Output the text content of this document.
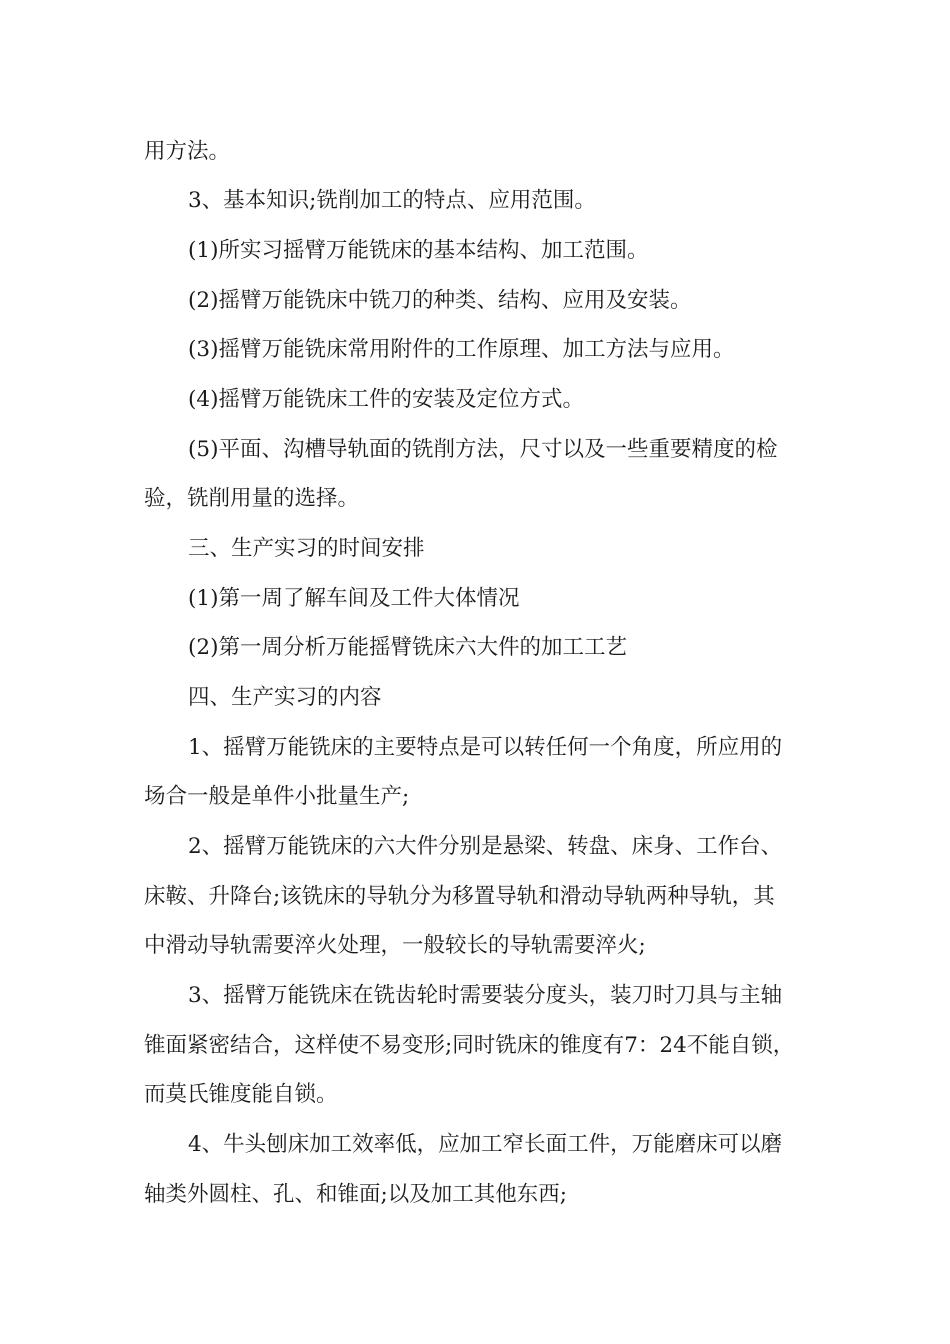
用方法。
3、基本知识;铣削加工的特点、应用范围。
(1)所实习摇臂万能铣床的基本结构、加工范围。
(2)摇臂万能铣床中铣刀的种类、结构、应用及安装。
(3)摇臂万能铣床常用附件的工作原理、加工方法与应用。
(4)摇臂万能铣床工件的安装及定位方式。
(5)平面、沟槽导轨面的铣削方法，尺寸以及一些重要精度的检
验，铣削用量的选择。
三、生产实习的时间安排
(1)第一周了解车间及工件大体情况
(2)第一周分析万能摇臂铣床六大件的加工工艺
四、生产实习的内容
1、摇臂万能铣床的主要特点是可以转任何一个角度，所应用的
场合一般是单件小批量生产;
2、摇臂万能铣床的六大件分别是悬梁、转盘、床身、工作台、
床鞍、升降台;该铣床的导轨分为移置导轨和滑动导轨两种导轨，其
中滑动导轨需要淬火处理，一般较长的导轨需要淬火;
3、摇臂万能铣床在铣齿轮时需要装分度头，装刀时刀具与主轴
锥面紧密结合，这样使不易变形;同时铣床的锥度有7：24不能自锁，
而莫氏锥度能自锁。
4、牛头刨床加工效率低，应加工窄长面工件，万能磨床可以磨
轴类外圆柱、孔、和锥面;以及加工其他东西;
